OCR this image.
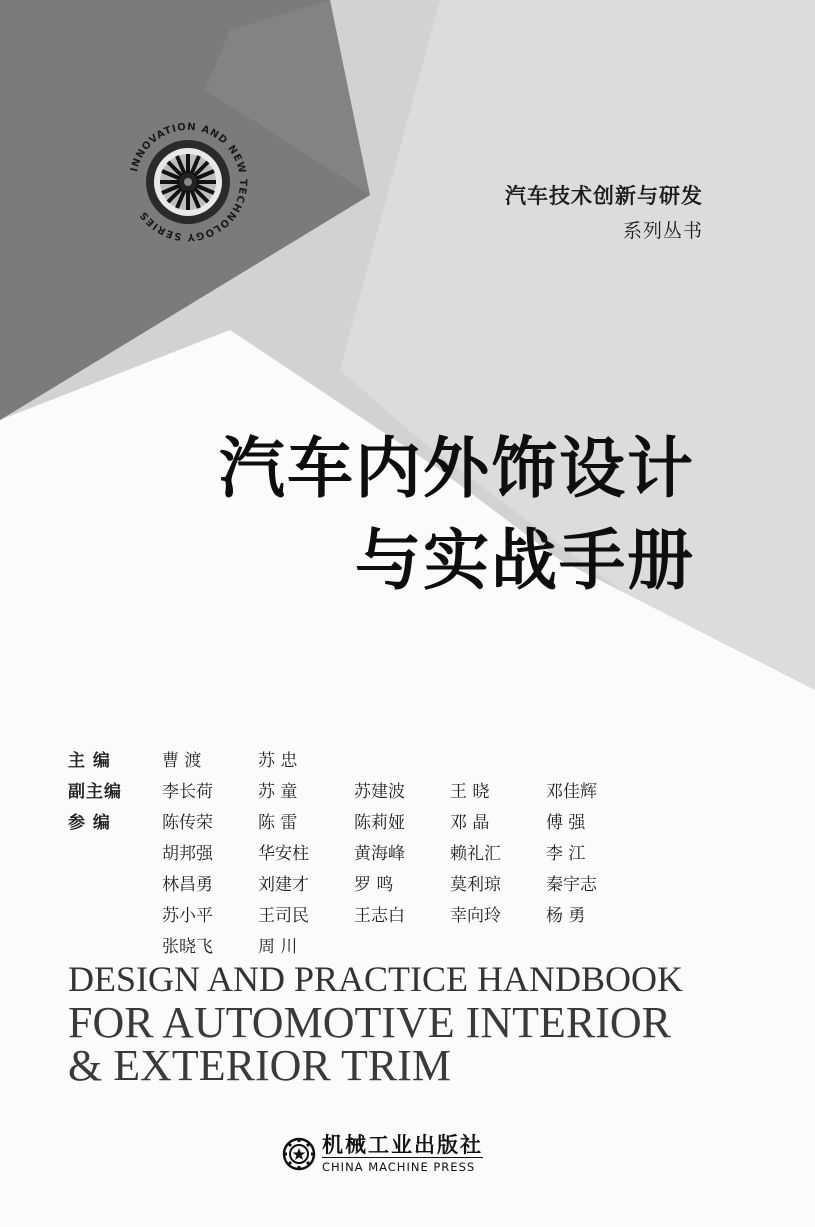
INNOVATION AND NEW TECHNOLOGY SERIES
汽车技术创新与研发
系列丛书
汽车内外饰设计
与实战手册
主 编	曹 渡	苏 忠
副主编	李长荷	苏 童	苏建波	王 晓	邓佳辉
参 编	陈传荣	陈 雷	陈莉娅	邓 晶	傅 强
胡邦强	华安柱	黄海峰	赖礼汇	李 江
林昌勇	刘建才	罗 鸣	莫利琼	秦宇志
苏小平	王司民	王志白	幸向玲	杨 勇
张晓飞	周 川
DESIGN AND PRACTICE HANDBOOK
FOR AUTOMOTIVE INTERIOR
& EXTERIOR TRIM
机械工业出版社
CHINA MACHINE PRESS
